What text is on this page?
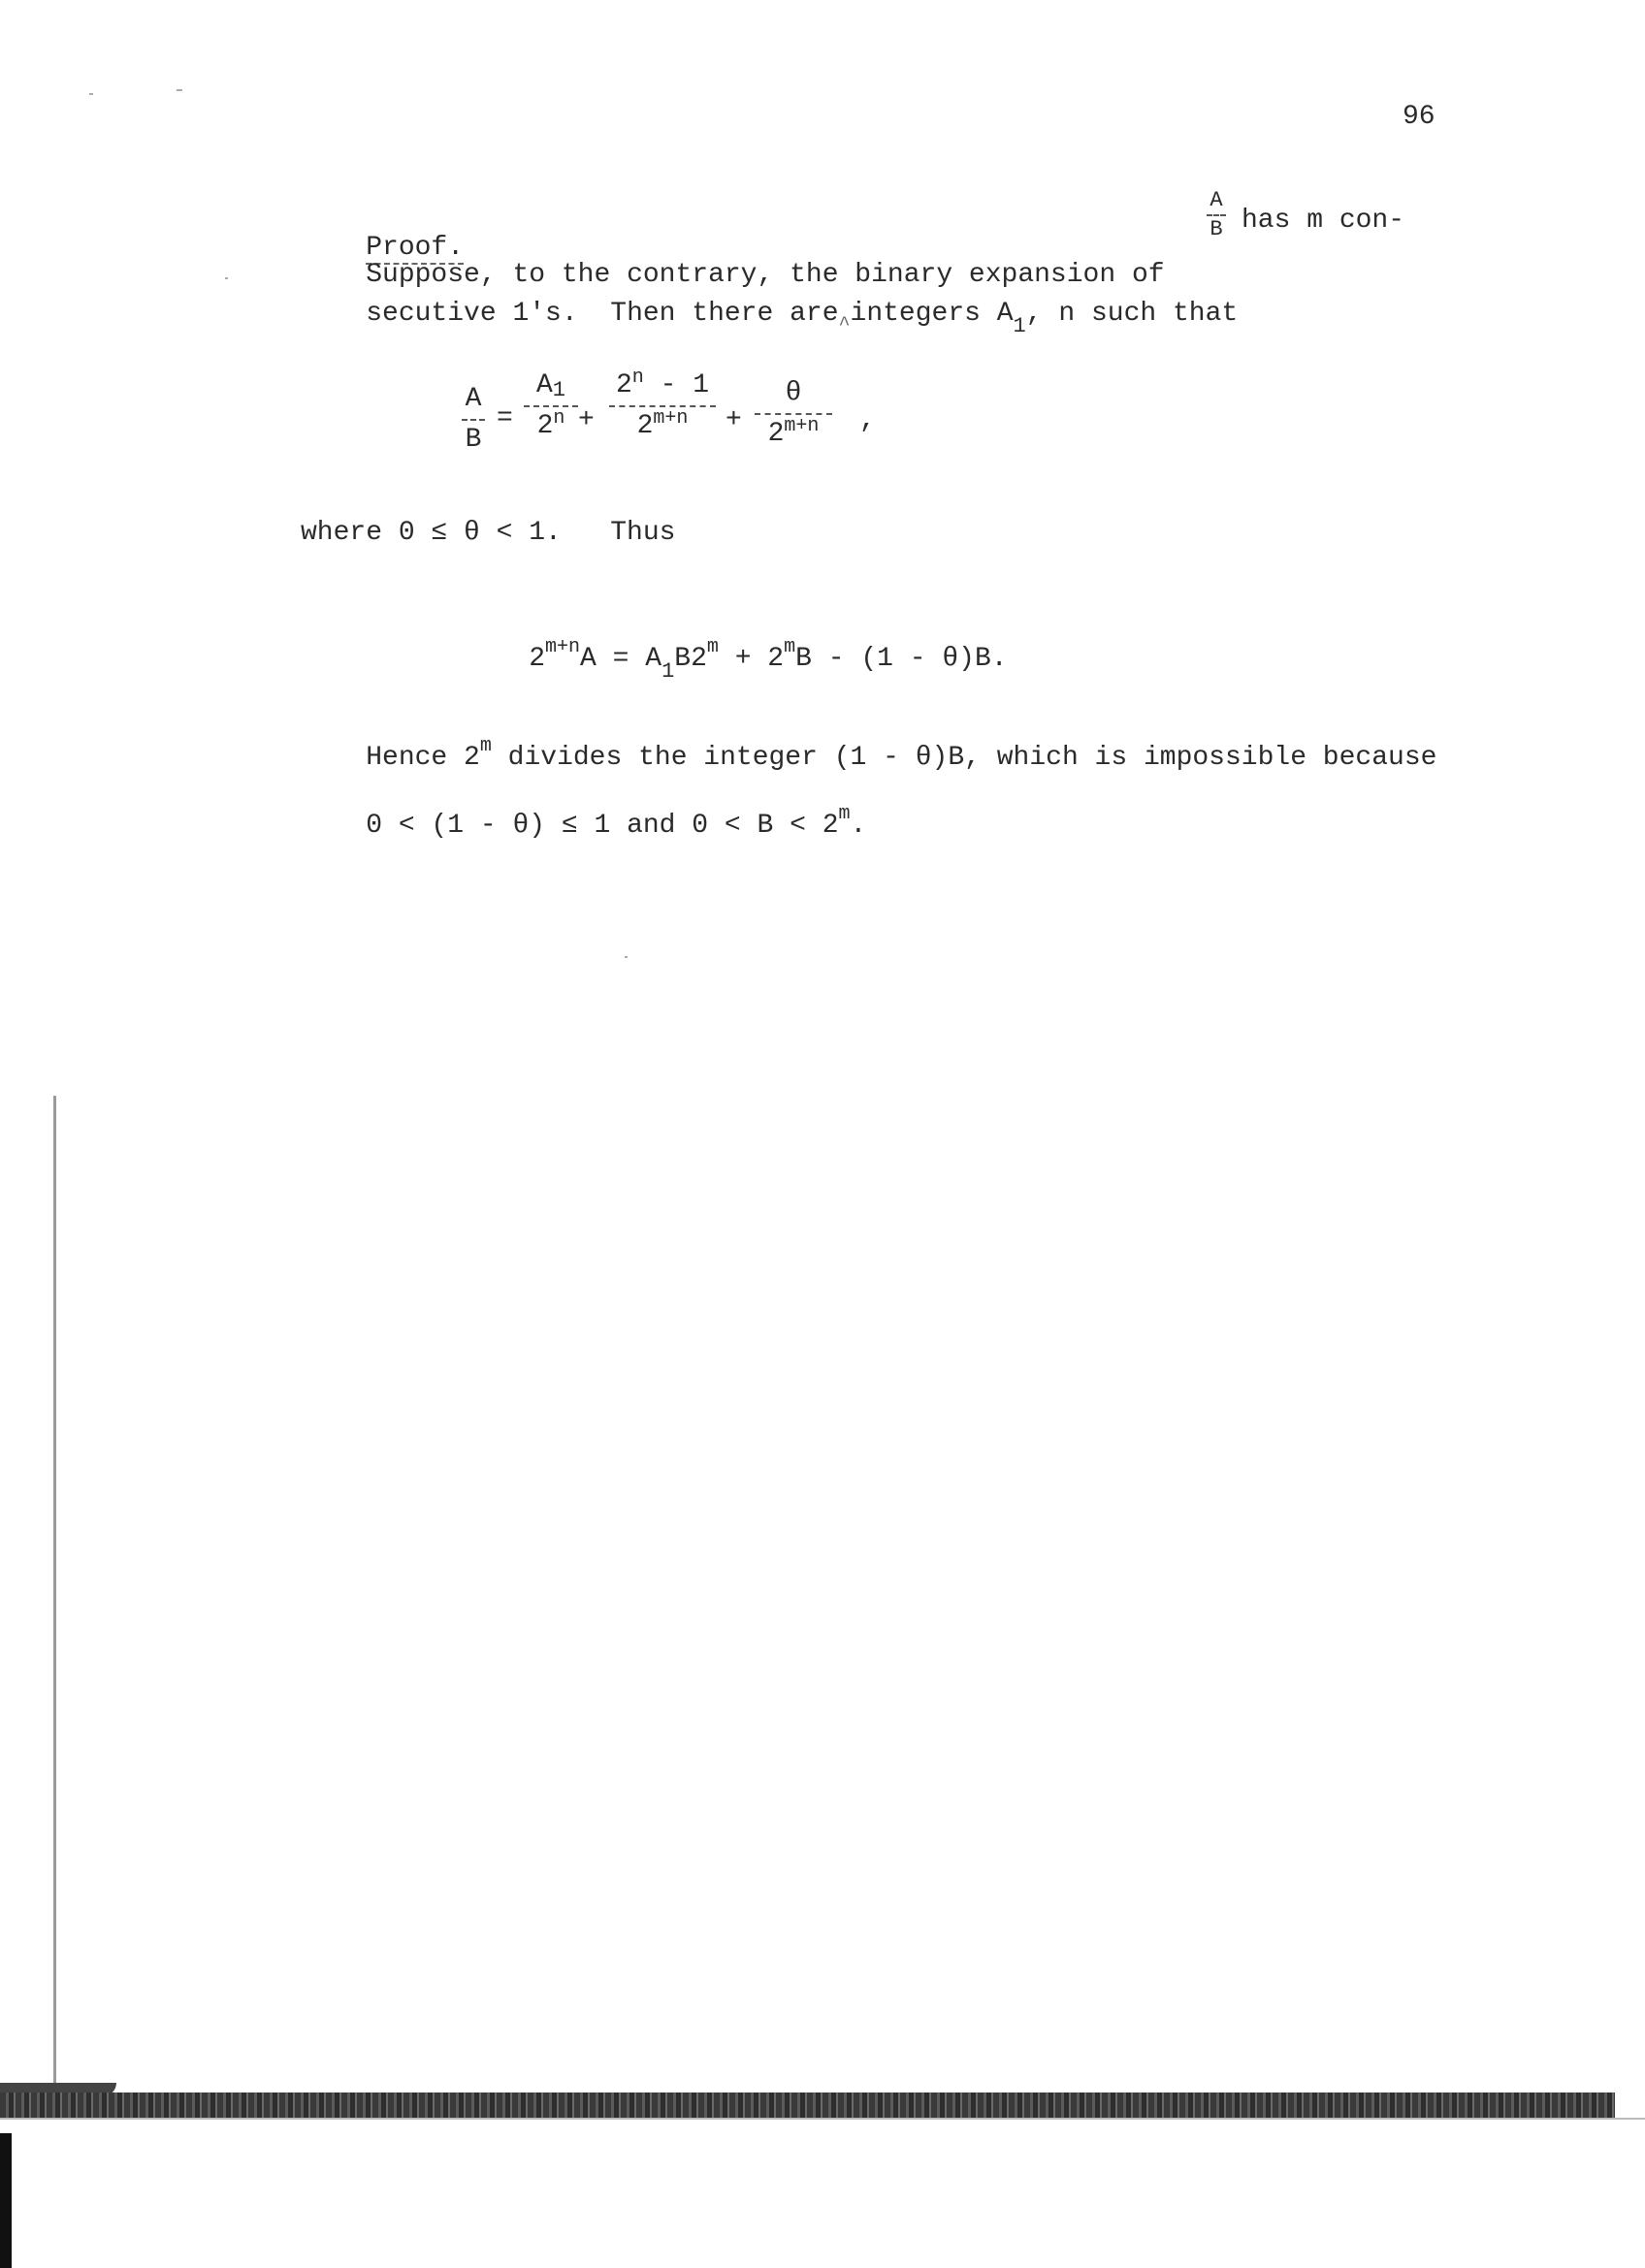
96

Proof.
Suppose, to the contrary, the binary expansion of

A
B has m con-

secutive 1's.  Then there are$_{\^{}}$integers $A_1$, n such that

A
B
=
A1
$2^n$ +
$2^n - 1$
$2^{m+n}$	+
θ
$2^{m+n}$	,
where 0 ≤ θ < 1.   Thus

$2^{m+n}A = A_1B2^m + 2^mB - (1 - \theta)B$.

Hence 2$^m$ divides the integer (1 - θ)B, which is impossible because

0 < (1 - θ) ≤ 1 and $0 < B < 2^m$.
